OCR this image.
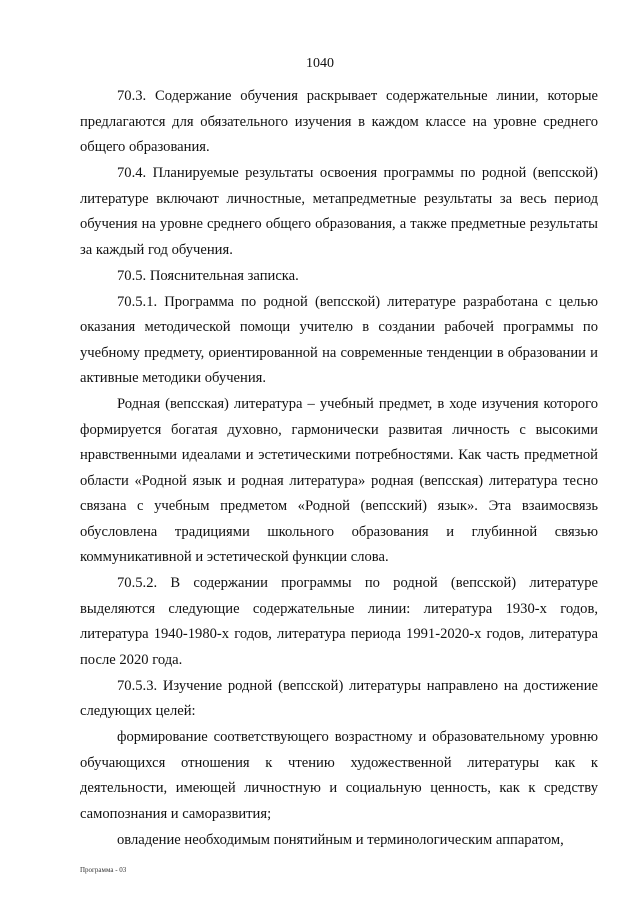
1040

70.3. Содержание обучения раскрывает содержательные линии, которые предлагаются для обязательного изучения в каждом классе на уровне среднего общего образования.

70.4. Планируемые результаты освоения программы по родной (вепсской) литературе включают личностные, метапредметные результаты за весь период обучения на уровне среднего общего образования, а также предметные результаты за каждый год обучения.

70.5. Пояснительная записка.

70.5.1. Программа по родной (вепсской) литературе разработана с целью оказания методической помощи учителю в создании рабочей программы по учебному предмету, ориентированной на современные тенденции в образовании и активные методики обучения.

Родная (вепсская) литература – учебный предмет, в ходе изучения которого формируется богатая духовно, гармонически развитая личность с высокими нравственными идеалами и эстетическими потребностями. Как часть предметной области «Родной язык и родная литература» родная (вепсская) литература тесно связана с учебным предметом «Родной (вепсский) язык». Эта взаимосвязь обусловлена традициями школьного образования и глубинной связью коммуникативной и эстетической функции слова.

70.5.2. В содержании программы по родной (вепсской) литературе выделяются следующие содержательные линии: литература 1930-х годов, литература 1940-1980-х годов, литература периода 1991-2020-х годов, литература после 2020 года.

70.5.3. Изучение родной (вепсской) литературы направлено на достижение следующих целей:

формирование соответствующего возрастному и образовательному уровню обучающихся отношения к чтению художественной литературы как к деятельности, имеющей личностную и социальную ценность, как к средству самопознания и саморазвития;

овладение необходимым понятийным и терминологическим аппаратом,

Программа - 03
